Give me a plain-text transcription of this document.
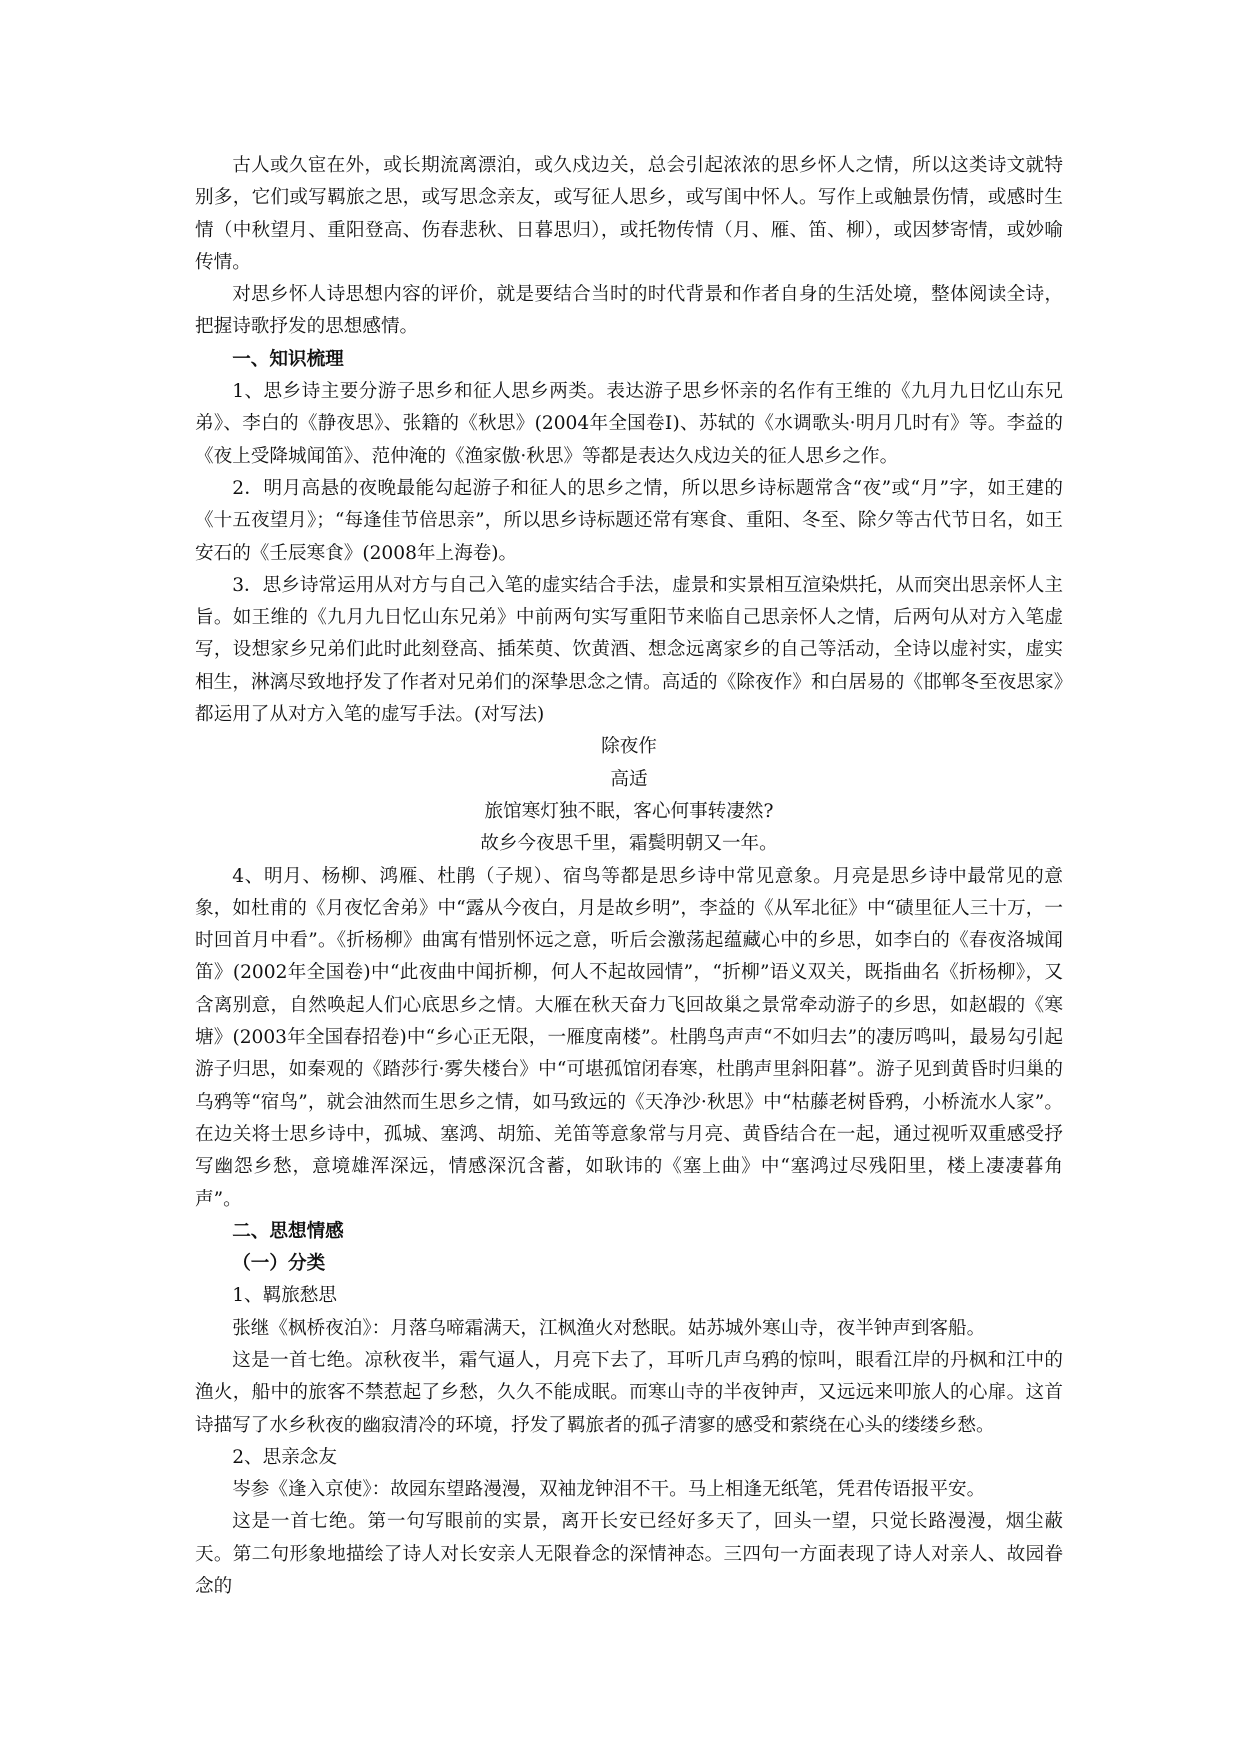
古人或久宦在外，或长期流离漂泊，或久戍边关，总会引起浓浓的思乡怀人之情，所以这类诗文就特别多，它们或写羁旅之思，或写思念亲友，或写征人思乡，或写闺中怀人。写作上或触景伤情，或感时生情（中秋望月、重阳登高、伤春悲秋、日暮思归），或托物传情（月、雁、笛、柳），或因梦寄情，或妙喻传情。

对思乡怀人诗思想内容的评价，就是要结合当时的时代背景和作者自身的生活处境，整体阅读全诗，把握诗歌抒发的思想感情。

一、知识梳理

1、思乡诗主要分游子思乡和征人思乡两类。表达游子思乡怀亲的名作有王维的《九月九日忆山东兄弟》、李白的《静夜思》、张籍的《秋思》(2004年全国卷Ⅰ)、苏轼的《水调歌头·明月几时有》等。李益的《夜上受降城闻笛》、范仲淹的《渔家傲·秋思》等都是表达久戍边关的征人思乡之作。

2．明月高悬的夜晚最能勾起游子和征人的思乡之情，所以思乡诗标题常含“夜”或“月”字，如王建的《十五夜望月》；“每逢佳节倍思亲”，所以思乡诗标题还常有寒食、重阳、冬至、除夕等古代节日名，如王安石的《壬辰寒食》(2008年上海卷)。

3．思乡诗常运用从对方与自己入笔的虚实结合手法，虚景和实景相互渲染烘托，从而突出思亲怀人主旨。如王维的《九月九日忆山东兄弟》中前两句实写重阳节来临自己思亲怀人之情，后两句从对方入笔虚写，设想家乡兄弟们此时此刻登高、插茱萸、饮黄酒、想念远离家乡的自己等活动，全诗以虚衬实，虚实相生，淋漓尽致地抒发了作者对兄弟们的深挚思念之情。高适的《除夜作》和白居易的《邯郸冬至夜思家》都运用了从对方入笔的虚写手法。(对写法)

除夜作

高适

旅馆寒灯独不眠，客心何事转凄然?

故乡今夜思千里，霜鬓明朝又一年。

4、明月、杨柳、鸿雁、杜鹃（子规）、宿鸟等都是思乡诗中常见意象。月亮是思乡诗中最常见的意象，如杜甫的《月夜忆舍弟》中“露从今夜白，月是故乡明”，李益的《从军北征》中“碛里征人三十万，一时回首月中看”。《折杨柳》曲寓有惜别怀远之意，听后会激荡起蕴藏心中的乡思，如李白的《春夜洛城闻笛》(2002年全国卷)中“此夜曲中闻折柳，何人不起故园情”，“折柳”语义双关，既指曲名《折杨柳》，又含离别意，自然唤起人们心底思乡之情。大雁在秋天奋力飞回故巢之景常牵动游子的乡思，如赵嘏的《寒塘》(2003年全国春招卷)中“乡心正无限，一雁度南楼”。杜鹃鸟声声“不如归去”的凄厉鸣叫，最易勾引起游子归思，如秦观的《踏莎行·雾失楼台》中“可堪孤馆闭春寒，杜鹃声里斜阳暮”。游子见到黄昏时归巢的乌鸦等“宿鸟”，就会油然而生思乡之情，如马致远的《天净沙·秋思》中“枯藤老树昏鸦，小桥流水人家”。在边关将士思乡诗中，孤城、塞鸿、胡笳、羌笛等意象常与月亮、黄昏结合在一起，通过视听双重感受抒写幽怨乡愁，意境雄浑深远，情感深沉含蓄，如耿讳的《塞上曲》中“塞鸿过尽残阳里，楼上凄凄暮角声”。

二、思想情感

（一）分类

1、羁旅愁思

张继《枫桥夜泊》：月落乌啼霜满天，江枫渔火对愁眠。姑苏城外寒山寺，夜半钟声到客船。

这是一首七绝。凉秋夜半，霜气逼人，月亮下去了，耳听几声乌鸦的惊叫，眼看江岸的丹枫和江中的渔火，船中的旅客不禁惹起了乡愁，久久不能成眠。而寒山寺的半夜钟声，又远远来叩旅人的心扉。这首诗描写了水乡秋夜的幽寂清冷的环境，抒发了羁旅者的孤孑清寥的感受和萦绕在心头的缕缕乡愁。

2、思亲念友

岑参《逢入京使》：故园东望路漫漫，双袖龙钟泪不干。马上相逢无纸笔，凭君传语报平安。

这是一首七绝。第一句写眼前的实景，离开长安已经好多天了，回头一望，只觉长路漫漫，烟尘蔽天。第二句形象地描绘了诗人对长安亲人无限眷念的深情神态。三四句一方面表现了诗人对亲人、故园眷念的
